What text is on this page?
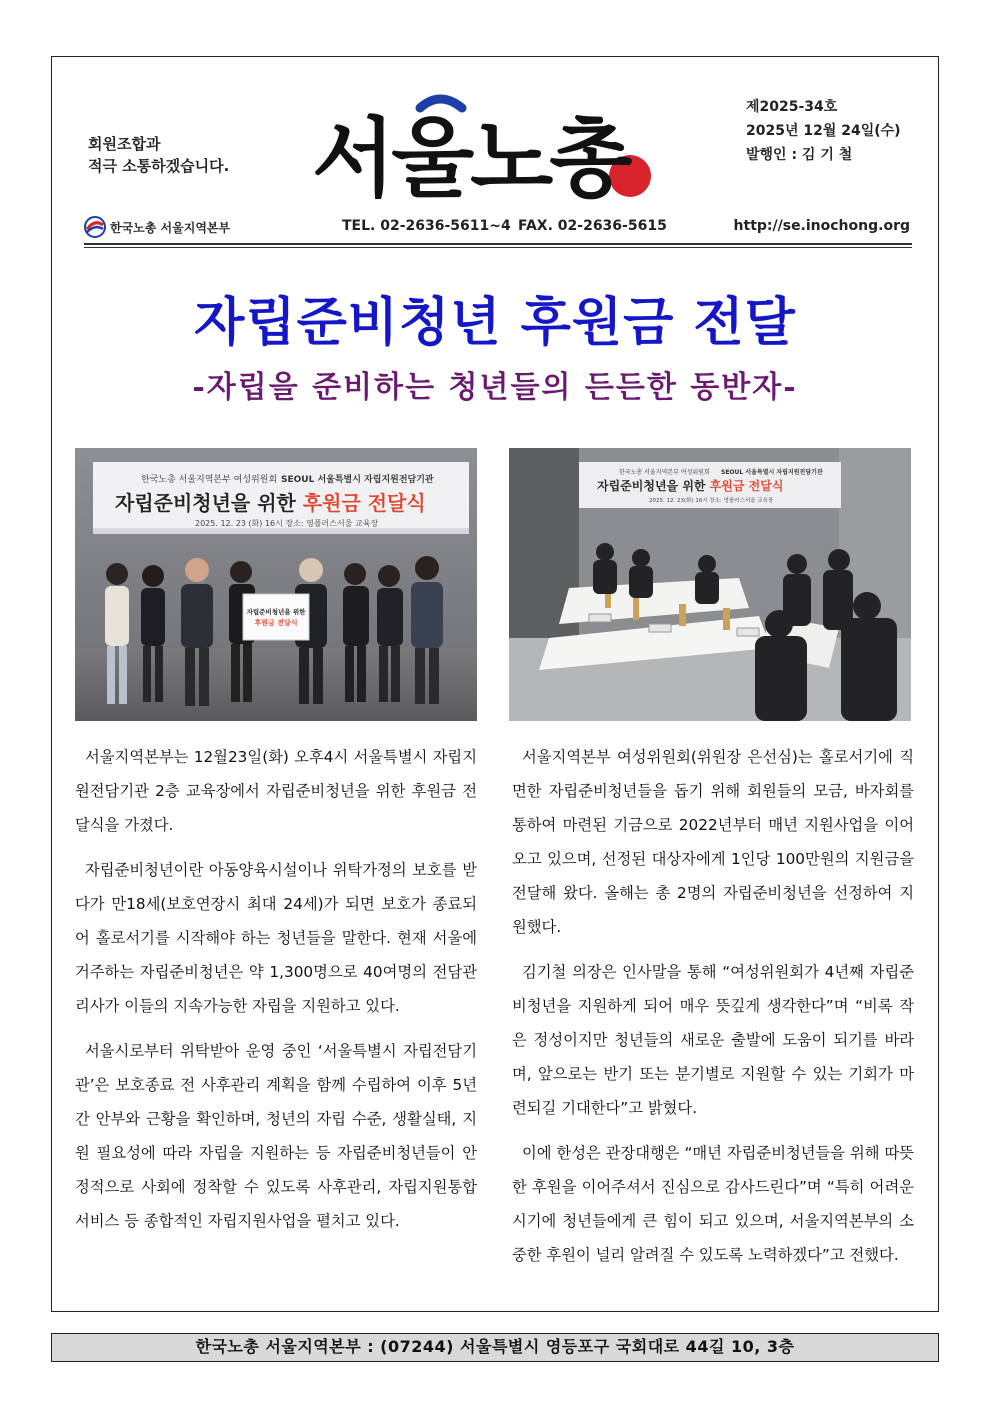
회원조합과
적극 소통하겠습니다. 서울노총
제2025-34호
2025년 12월 24일(수)
발행인 : 김 기 철
한국노총 서울지역본부	TEL. 02-2636-5611~4 FAX. 02-2636-5615	http://se.inochong.org
자립준비청년 후원금 전달
-자립을 준비하는 청년들의 든든한 동반자-
한국노총 서울지역본부 여성위원회 SEOUL 서울특별시 자립지원전담기관
자립준비청년을 위한 후원금 전달식
2025. 12. 23 (화) 16시 장소: 영플러스서울 교육장
자립준비청년을 위한
후원금 전달식
한국노총 서울지역본부 여성위원회 SEOUL 서울특별시 자립지원전담기관
자립준비청년을 위한 후원금 전달식
2025. 12. 23(화) 16시 장소: 영플러스서울 교육장

서울지역본부는 12월23일(화) 오후4시 서울특별시 자립지원전담기관 2층 교육장에서 자립준비청년을 위한 후원금 전달식을 가졌다.

자립준비청년이란 아동양육시설이나 위탁가정의 보호를 받다가 만18세(보호연장시 최대 24세)가 되면 보호가 종료되어 홀로서기를 시작해야 하는 청년들을 말한다. 현재 서울에 거주하는 자립준비청년은 약 1,300명으로 40여명의 전담관리사가 이들의 지속가능한 자립을 지원하고 있다.

서울시로부터 위탁받아 운영 중인 ‘서울특별시 자립전담기관’은 보호종료 전 사후관리 계획을 함께 수립하여 이후 5년간 안부와 근황을 확인하며, 청년의 자립 수준, 생활실태, 지원 필요성에 따라 자립을 지원하는 등 자립준비청년들이 안정적으로 사회에 정착할 수 있도록 사후관리, 자립지원통합서비스 등 종합적인 자립지원사업을 펼치고 있다.

서울지역본부 여성위원회(위원장 은선심)는 홀로서기에 직면한 자립준비청년들을 돕기 위해 회원들의 모금, 바자회를 통하여 마련된 기금으로 2022년부터 매년 지원사업을 이어오고 있으며, 선정된 대상자에게 1인당 100만원의 지원금을 전달해 왔다. 올해는 총 2명의 자립준비청년을 선정하여 지원했다.

김기철 의장은 인사말을 통해 “여성위원회가 4년째 자립준비청년을 지원하게 되어 매우 뜻깊게 생각한다”며 “비록 작은 정성이지만 청년들의 새로운 출발에 도움이 되기를 바라며, 앞으로는 반기 또는 분기별로 지원할 수 있는 기회가 마련되길 기대한다”고 밝혔다.

이에 한성은 관장대행은 “매년 자립준비청년들을 위해 따뜻한 후원을 이어주셔서 진심으로 감사드린다”며 “특히 어려운 시기에 청년들에게 큰 힘이 되고 있으며, 서울지역본부의 소중한 후원이 널리 알려질 수 있도록 노력하겠다”고 전했다.

한국노총 서울지역본부 : (07244) 서울특별시 영등포구 국회대로 44길 10, 3층
